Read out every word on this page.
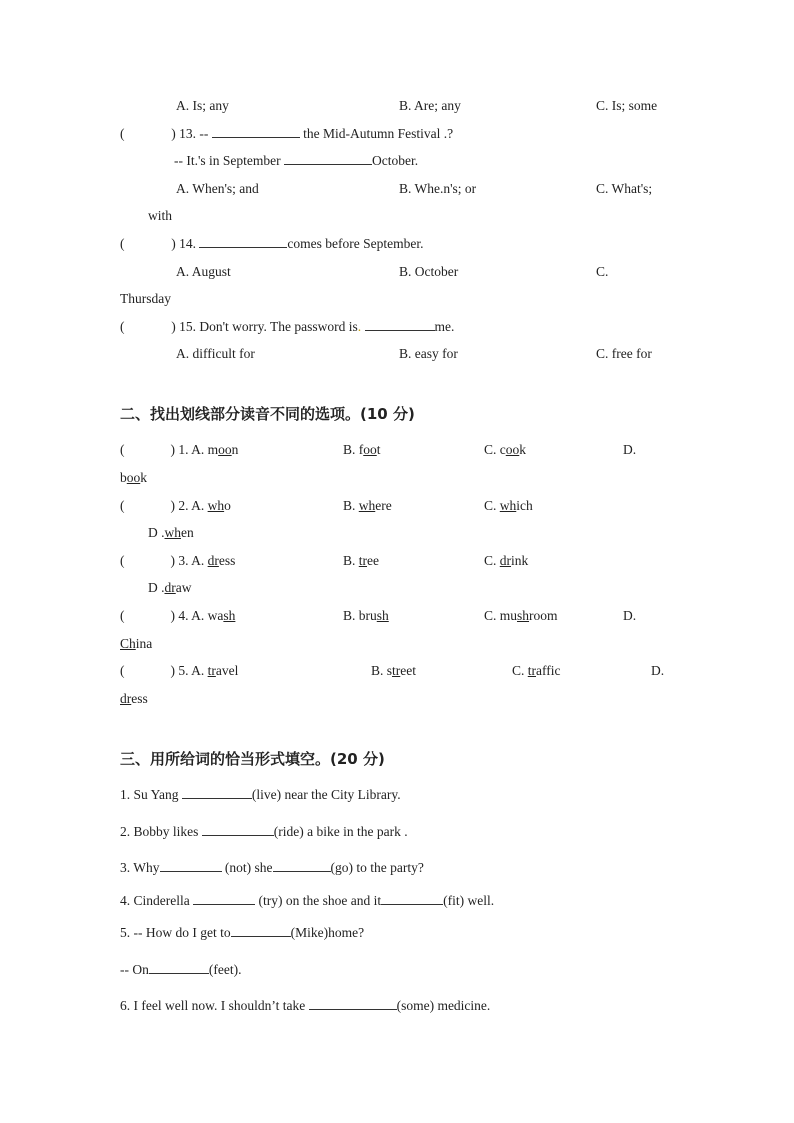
A. Is; any	B. Are; any	C. Is; some
(	) 13. --	the Mid-Autumn Festival .?
-- It.'s in September	October.
A. When's; and	B. Whe.n's; or	C. What's;
with
(	) 14.	comes before September.
A. August	B. October	C.
Thursday
(	) 15. Don't worry. The password is.	me.
A. difficult for	B. easy for	C. free for
二、找出划线部分读音不同的选项。(10 分)
(	) 1. A. moon	B. foot	C. cook	D.
book
(	) 2. A. who	B. where	C. which
D .when
(	) 3. A. dress	B. tree	C. drink
D .draw
(	) 4. A. wash	B. brush	C. mushroom	D.
China
(	) 5. A. travel	B. street	C. traffic	D.
dress
三、用所给词的恰当形式填空。(20 分)
1. Su Yang	(live) near the City Library.
2. Bobby likes	(ride) a bike in the park .
3. Why	(not) she	(go) to the party?
4. Cinderella	(try) on the shoe and it	(fit) well.
5. -- How do I get to	(Mike)home?
-- On	(feet).
6. I feel well now. I shouldn’t take	(some) medicine.
